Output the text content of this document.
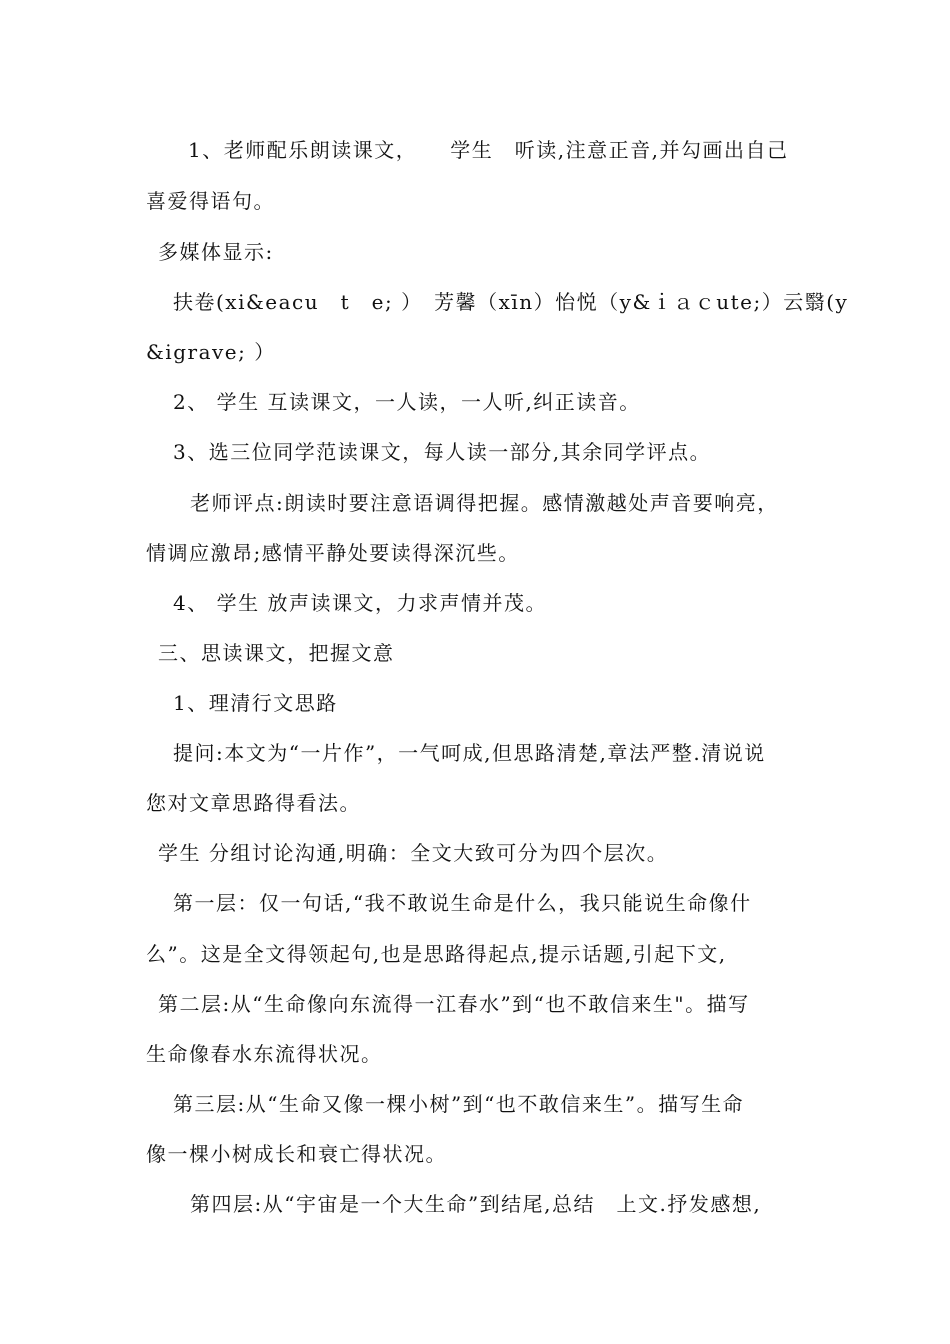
1、老师配乐朗读课文，　　学生　听读,注意正音,并勾画出自己
喜爱得语句。
多媒体显示:
扶卷(xi&eacu　t　e; ）　芳馨（xīn）怡悦（y&ｉａｃute;）云翳(y
&igrave; ）
2、 学生 互读课文，一人读，一人听,纠正读音。
3、选三位同学范读课文，每人读一部分,其余同学评点。
老师评点:朗读时要注意语调得把握。感情激越处声音要响亮，
情调应激昂;感情平静处要读得深沉些。
4、 学生 放声读课文，力求声情并茂。
三、思读课文，把握文意
1、理清行文思路
提问:本文为“一片作”，一气呵成,但思路清楚,章法严整.清说说
您对文章思路得看法。
学生 分组讨论沟通,明确：全文大致可分为四个层次。
第一层：仅一句话,“我不敢说生命是什么，我只能说生命像什
么”。这是全文得领起句,也是思路得起点,提示话题,引起下文,
第二层:从“生命像向东流得一江春水”到“也不敢信来生"。描写
生命像春水东流得状况。
第三层:从“生命又像一棵小树”到“也不敢信来生”。描写生命
像一棵小树成长和衰亡得状况。
第四层:从“宇宙是一个大生命”到结尾,总结　上文.抒发感想,
